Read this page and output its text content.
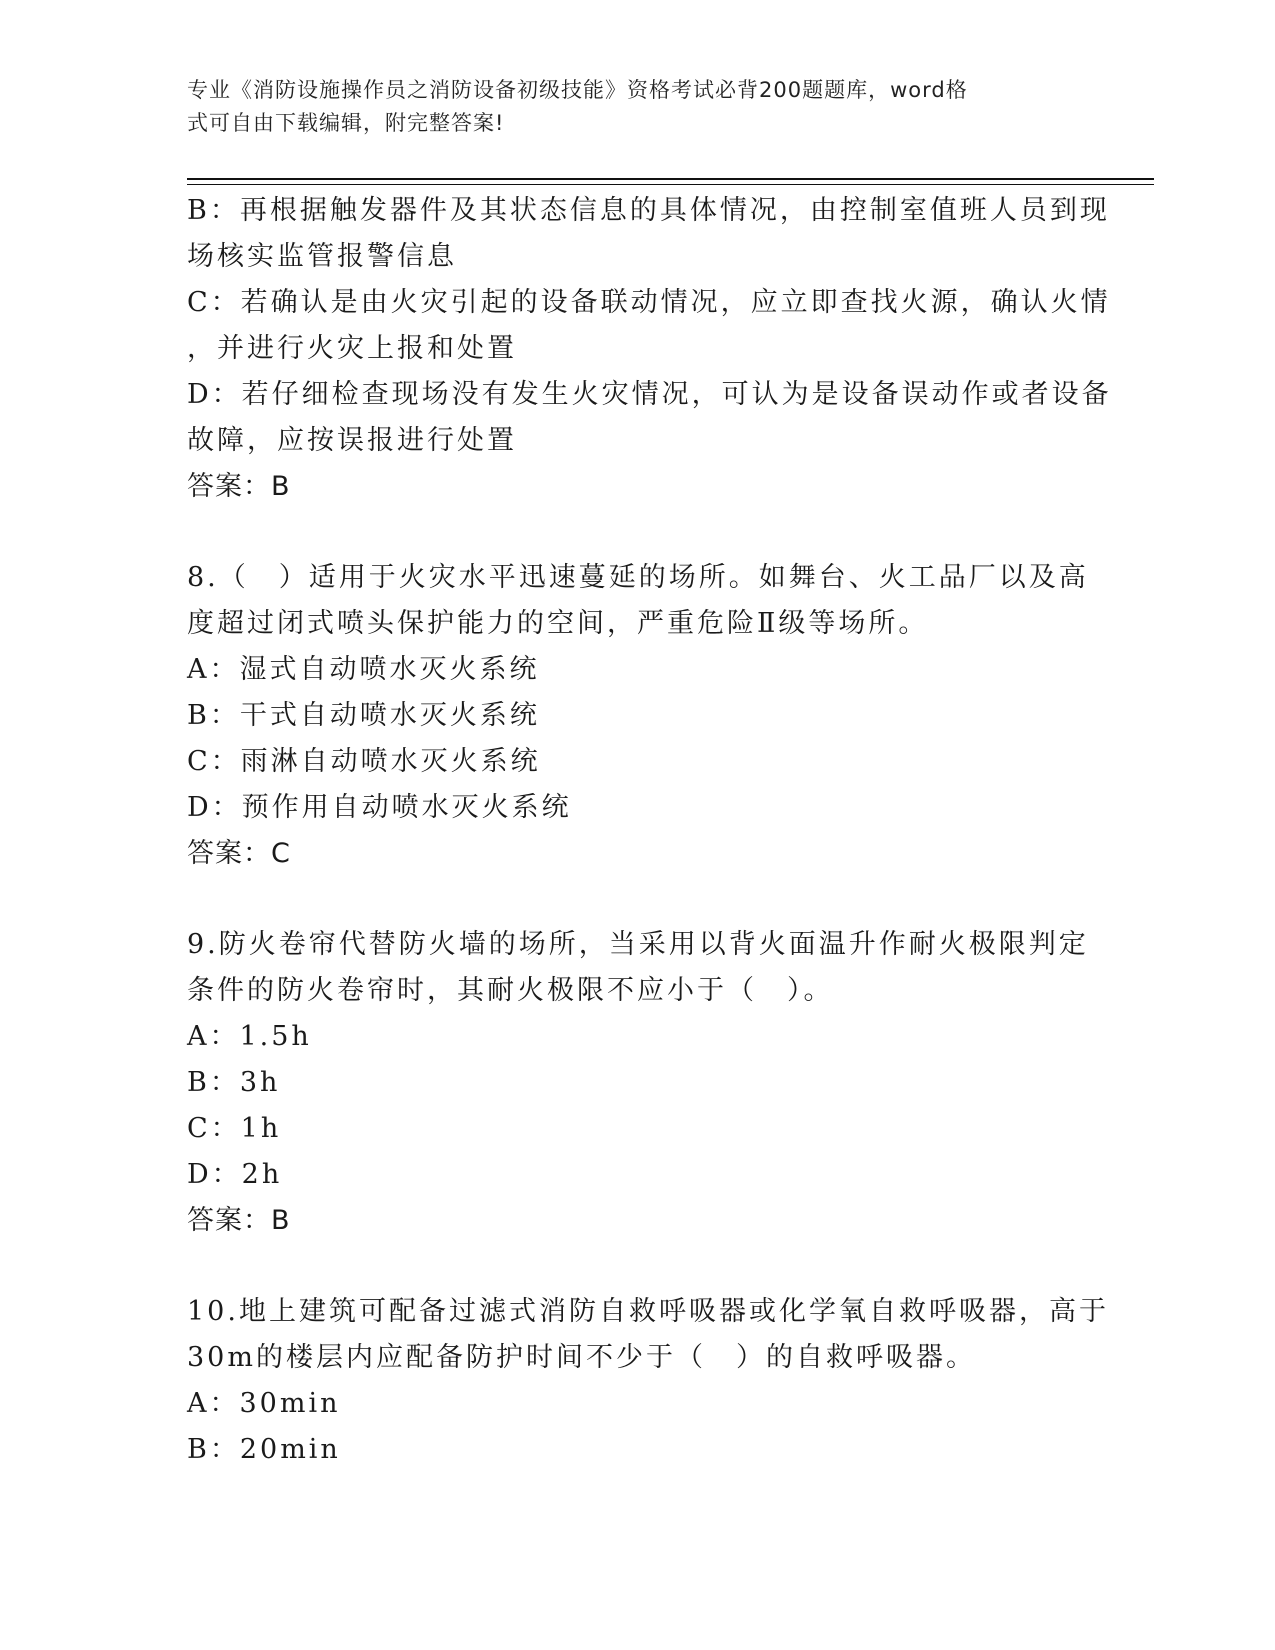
专业《消防设施操作员之消防设备初级技能》资格考试必背200题题库，word格
式可自由下载编辑，附完整答案!
B：再根据触发器件及其状态信息的具体情况，由控制室值班人员到现
场核实监管报警信息
C：若确认是由火灾引起的设备联动情况，应立即查找火源，确认火情
，并进行火灾上报和处置
D：若仔细检查现场没有发生火灾情况，可认为是设备误动作或者设备
故障，应按误报进行处置
答案：B
8.（　）适用于火灾水平迅速蔓延的场所。如舞台、火工品厂以及高
度超过闭式喷头保护能力的空间，严重危险Ⅱ级等场所。
A：湿式自动喷水灭火系统
B：干式自动喷水灭火系统
C：雨淋自动喷水灭火系统
D：预作用自动喷水灭火系统
答案：C
9.防火卷帘代替防火墙的场所，当采用以背火面温升作耐火极限判定
条件的防火卷帘时，其耐火极限不应小于（　）。
A：1.5h
B：3h
C：1h
D：2h
答案：B
10.地上建筑可配备过滤式消防自救呼吸器或化学氧自救呼吸器，高于
30m的楼层内应配备防护时间不少于（　）的自救呼吸器。
A：30min
B：20min
